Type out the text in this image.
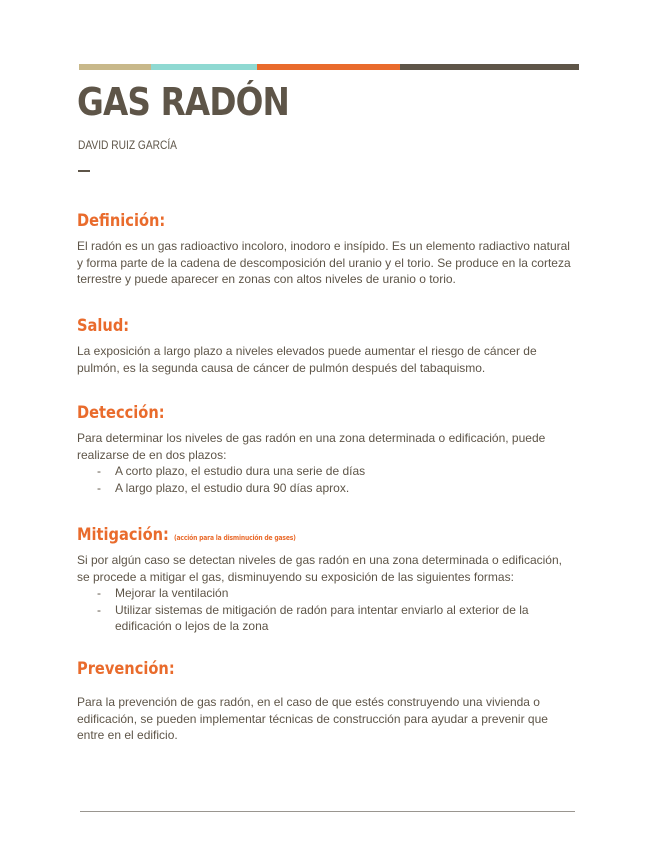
GAS RADÓN
DAVID RUIZ GARCÍA
Definición:

El radón es un gas radioactivo incoloro, inodoro e insípido. Es un elemento radiactivo natural y forma parte de la cadena de descomposición del uranio y el torio. Se produce en la corteza terrestre y puede aparecer en zonas con altos niveles de uranio o torio.

Salud:

La exposición a largo plazo a niveles elevados puede aumentar el riesgo de cáncer de pulmón, es la segunda causa de cáncer de pulmón después del tabaquismo.

Detección:

Para determinar los niveles de gas radón en una zona determinada o edificación, puede realizarse de en dos plazos:

- A corto plazo, el estudio dura una serie de días
- A largo plazo, el estudio dura 90 días aprox.
Mitigación: (acción para la disminución de gases)

Si por algún caso se detectan niveles de gas radón en una zona determinada o edificación, se procede a mitigar el gas, disminuyendo su exposición de las siguientes formas:

- Mejorar la ventilación
- Utilizar sistemas de mitigación de radón para intentar enviarlo al exterior de la edificación o lejos de la zona
Prevención:

Para la prevención de gas radón, en el caso de que estés construyendo una vivienda o edificación, se pueden implementar técnicas de construcción para ayudar a prevenir que entre en el edificio.
